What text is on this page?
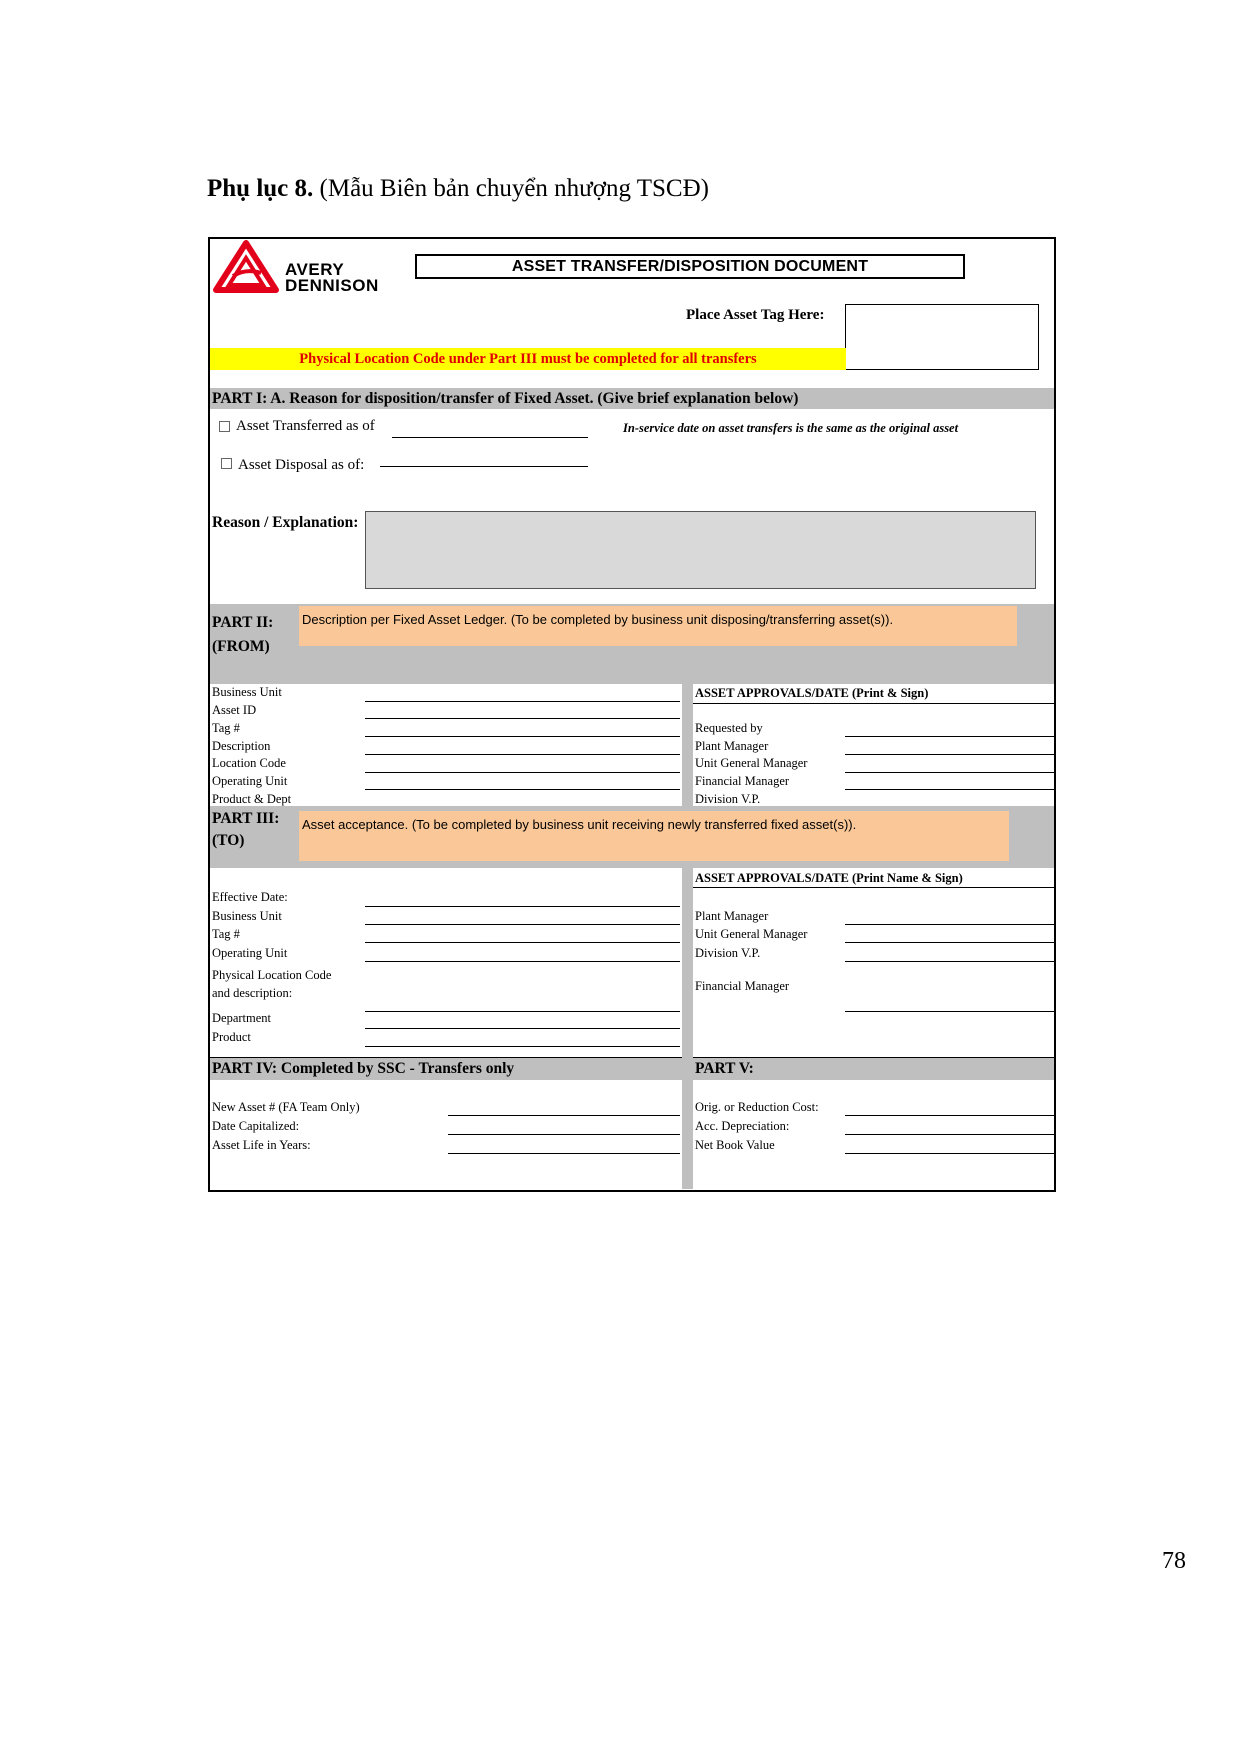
Phụ lục 8. (Mẫu Biên bản chuyển nhượng TSCĐ)
AVERY
DENNISON
ASSET TRANSFER/DISPOSITION DOCUMENT
Place Asset Tag Here:
Physical Location Code under Part III must be completed for all transfers
PART I: A. Reason for disposition/transfer of Fixed Asset. (Give brief explanation below)
Asset Transferred as of
Asset Disposal as of:
In-service date on asset transfers is the same as the original asset
Reason / Explanation:
PART II:
(FROM)
Description per Fixed Asset Ledger. (To be completed by business unit disposing/transferring asset(s)).
Business Unit
Asset ID
Tag #
Description
Location Code
Operating Unit
Product & Dept
ASSET APPROVALS/DATE (Print & Sign)
Requested by
Plant Manager
Unit General Manager
Financial Manager
Division V.P.
PART III:
(TO)
Asset acceptance. (To be completed by business unit receiving newly transferred fixed asset(s)).
Effective Date:
Business Unit
Tag #
Operating Unit
Physical Location Code
and description:
Department
Product
ASSET APPROVALS/DATE (Print Name & Sign)
Plant Manager
Unit General Manager
Division V.P.
Financial Manager
PART IV: Completed by SSC - Transfers only	PART V:
New Asset # (FA Team Only)
Date Capitalized:
Asset Life in Years:
Orig. or Reduction Cost:
Acc. Depreciation:
Net Book Value
78
